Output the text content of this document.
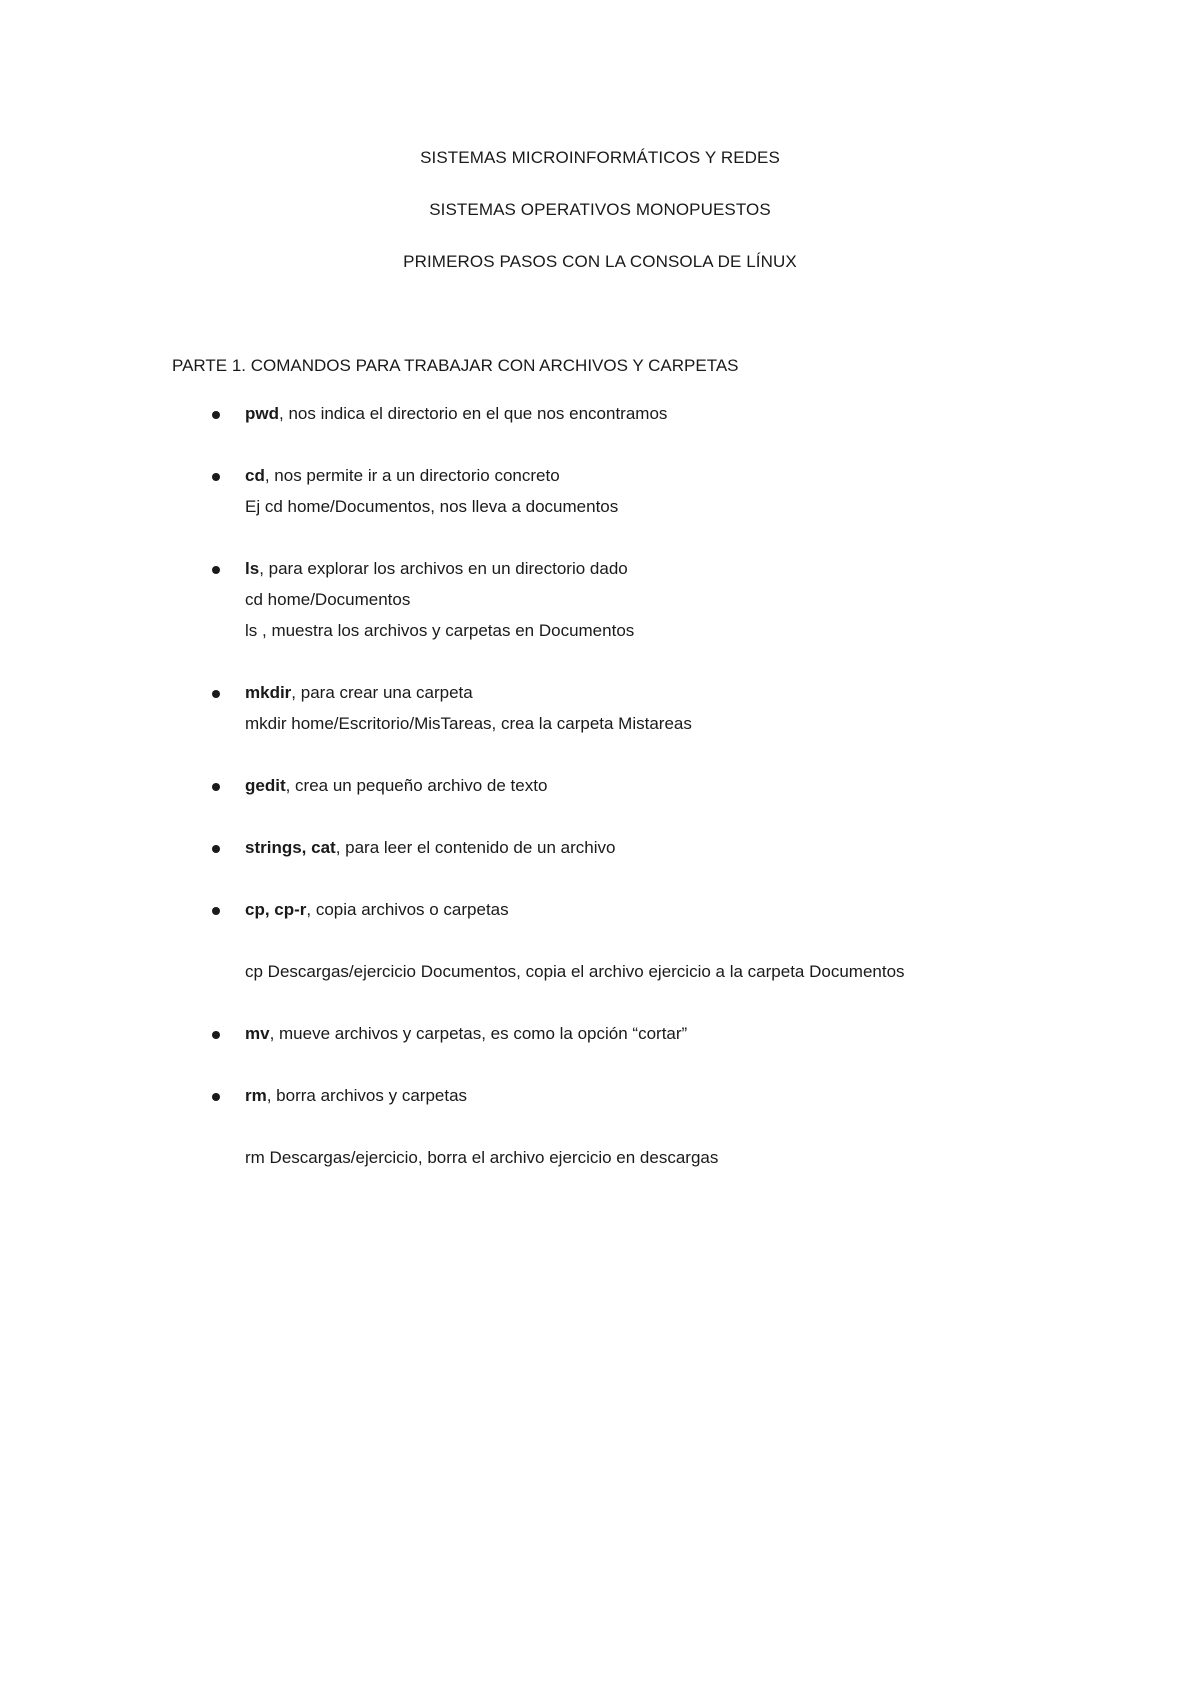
SISTEMAS MICROINFORMÁTICOS Y REDES
SISTEMAS OPERATIVOS MONOPUESTOS
PRIMEROS PASOS CON LA CONSOLA DE LÍNUX
PARTE 1. COMANDOS PARA TRABAJAR CON ARCHIVOS Y CARPETAS
pwd, nos indica el directorio en el que nos encontramos
cd, nos permite ir a un directorio concreto
Ej cd home/Documentos, nos lleva a documentos
ls, para explorar los archivos en un directorio dado
cd home/Documentos
ls , muestra los archivos y carpetas en Documentos
mkdir, para crear una carpeta
mkdir home/Escritorio/MisTareas, crea la carpeta Mistareas
gedit, crea un pequeño archivo de texto
strings, cat, para leer el contenido de un archivo
cp, cp-r, copia archivos o carpetas
cp Descargas/ejercicio Documentos, copia el archivo ejercicio a la carpeta Documentos
mv, mueve archivos y carpetas, es como la opción “cortar”
rm, borra archivos y carpetas
rm Descargas/ejercicio, borra el archivo ejercicio en descargas
